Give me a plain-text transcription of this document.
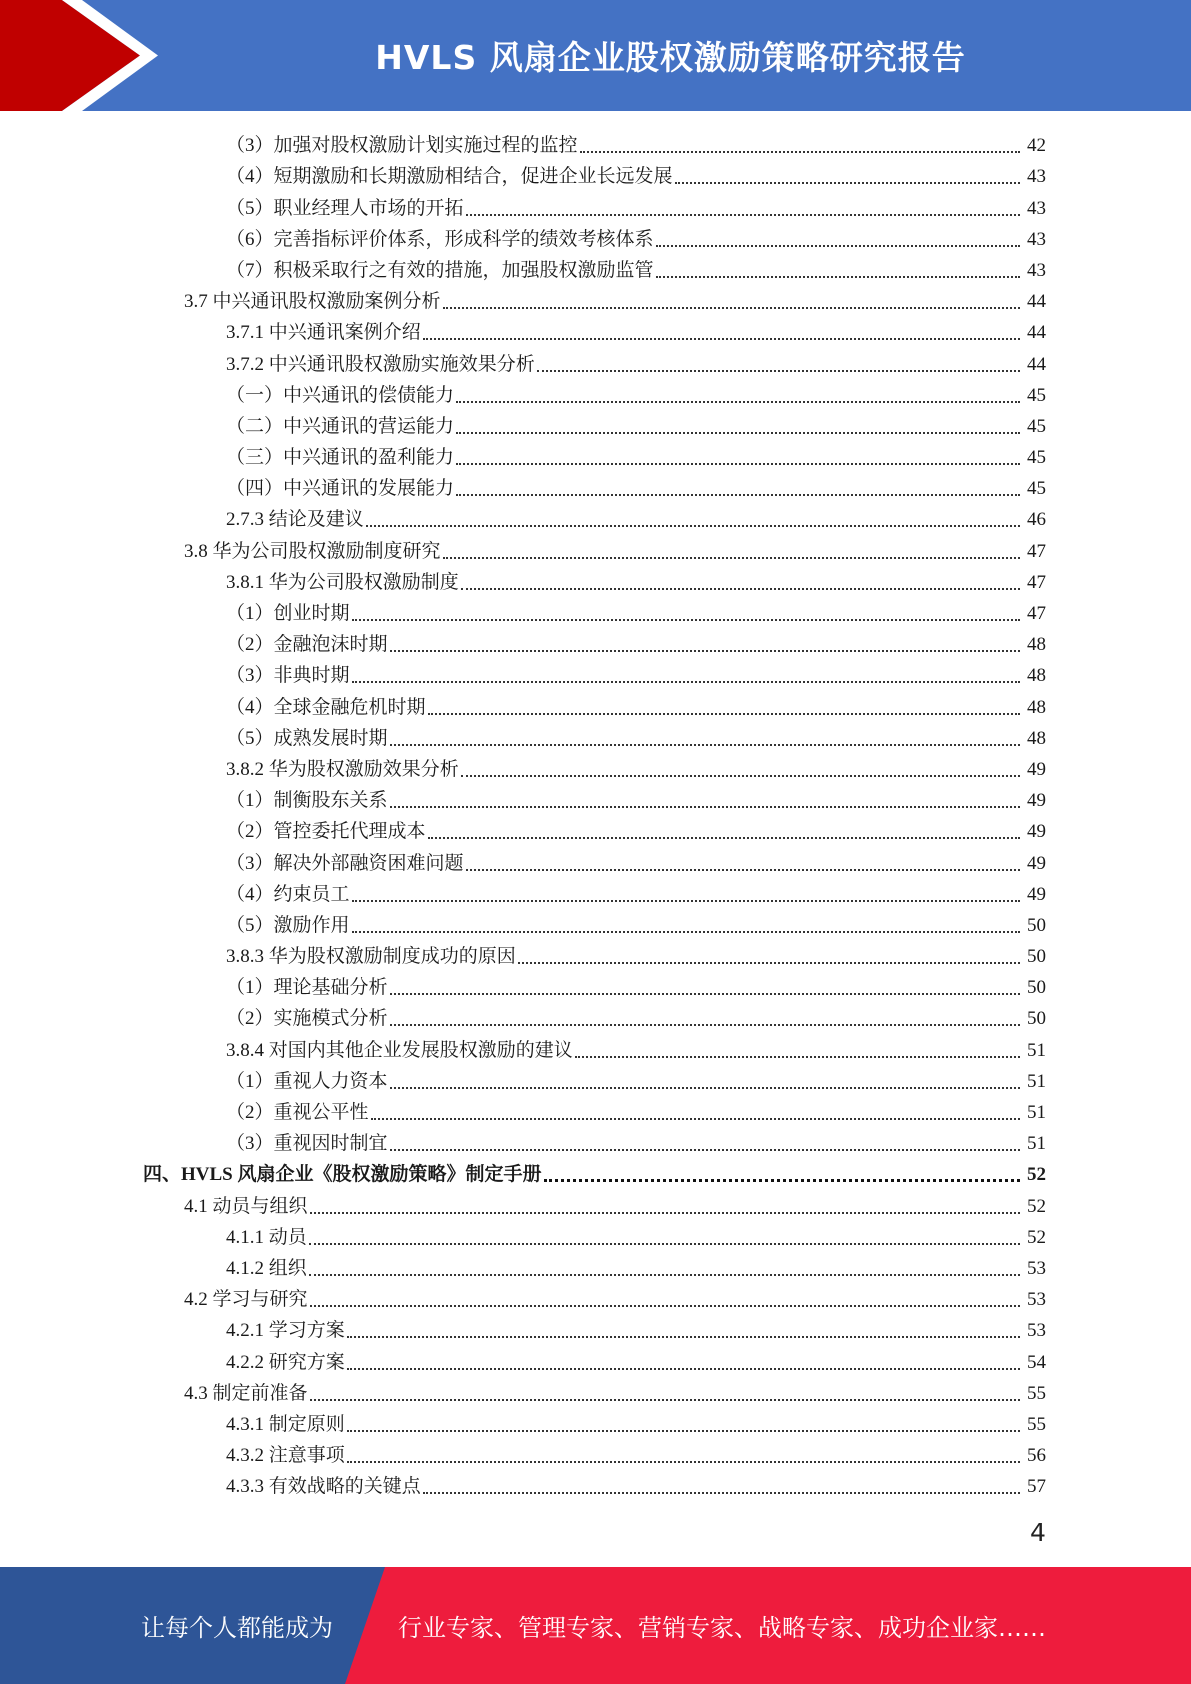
HVLS 风扇企业股权激励策略研究报告
（3）加强对股权激励计划实施过程的监控	42
（4）短期激励和长期激励相结合，促进企业长远发展	43
（5）职业经理人市场的开拓	43
（6）完善指标评价体系，形成科学的绩效考核体系	43
（7）积极采取行之有效的措施，加强股权激励监管	43
3.7 中兴通讯股权激励案例分析	44
3.7.1 中兴通讯案例介绍	44
3.7.2 中兴通讯股权激励实施效果分析	44
（一）中兴通讯的偿债能力	45
（二）中兴通讯的营运能力	45
（三）中兴通讯的盈利能力	45
（四）中兴通讯的发展能力	45
2.7.3 结论及建议	46
3.8 华为公司股权激励制度研究	47
3.8.1 华为公司股权激励制度	47
（1）创业时期	47
（2）金融泡沫时期	48
（3）非典时期	48
（4）全球金融危机时期	48
（5）成熟发展时期	48
3.8.2 华为股权激励效果分析	49
（1）制衡股东关系	49
（2）管控委托代理成本	49
（3）解决外部融资困难问题	49
（4）约束员工	49
（5）激励作用	50
3.8.3 华为股权激励制度成功的原因	50
（1）理论基础分析	50
（2）实施模式分析	50
3.8.4 对国内其他企业发展股权激励的建议	51
（1）重视人力资本	51
（2）重视公平性	51
（3）重视因时制宜	51
四、HVLS 风扇企业《股权激励策略》制定手册	52
4.1 动员与组织	52
4.1.1 动员	52
4.1.2 组织	53
4.2 学习与研究	53
4.2.1 学习方案	53
4.2.2 研究方案	54
4.3 制定前准备	55
4.3.1 制定原则	55
4.3.2 注意事项	56
4.3.3 有效战略的关键点	57
4
让每个人都能成为	行业专家、管理专家、营销专家、战略专家、成功企业家……
